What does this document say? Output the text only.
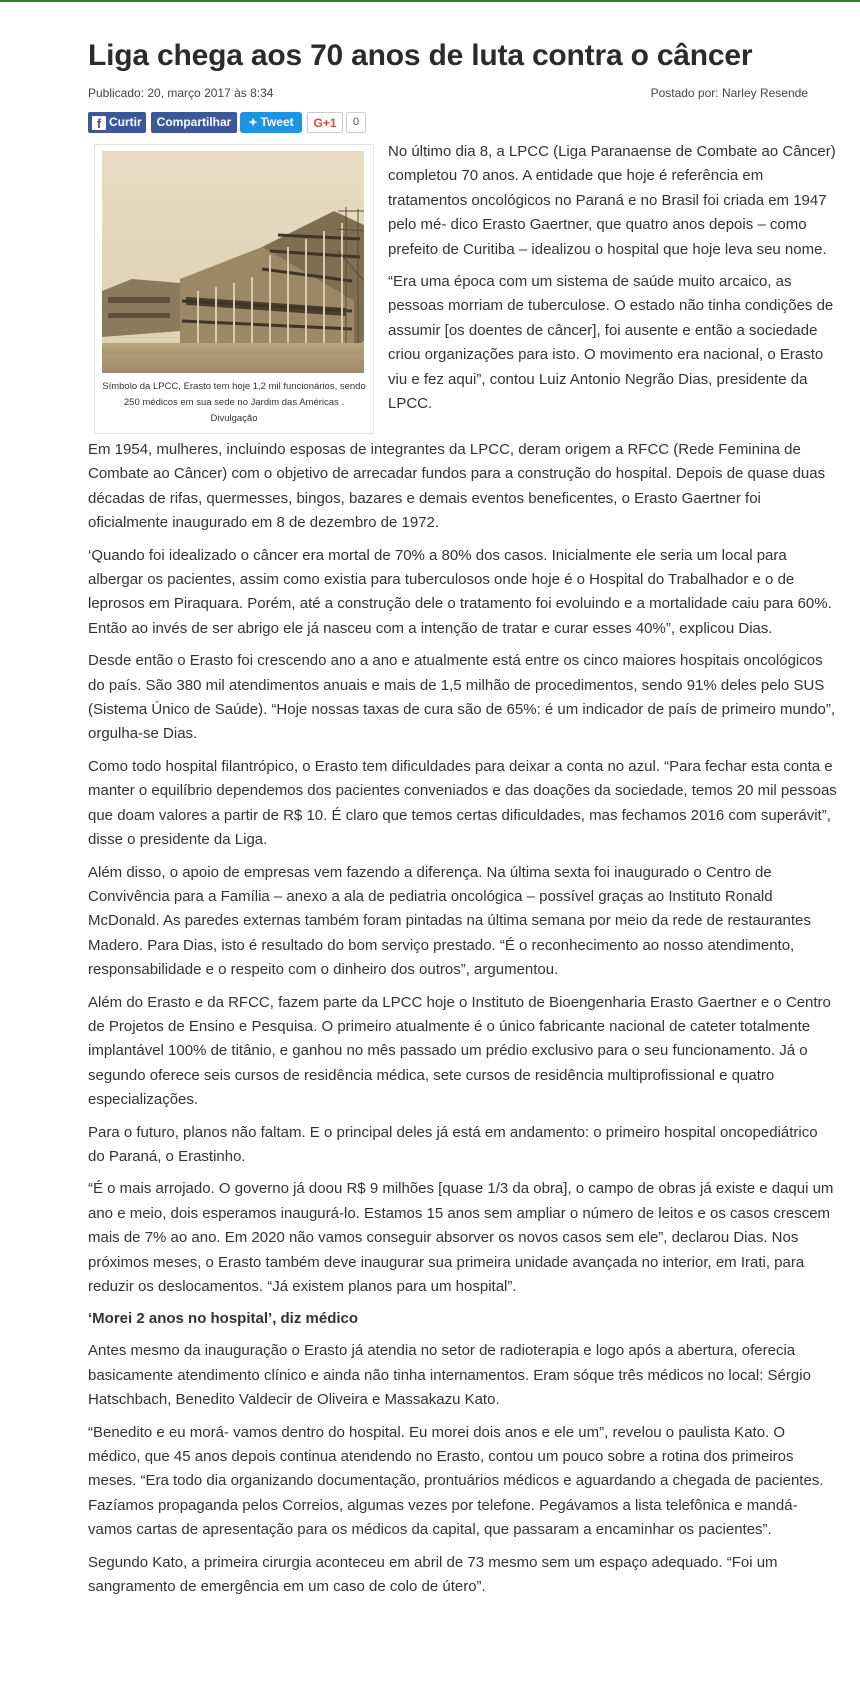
Liga chega aos 70 anos de luta contra o câncer
Publicado: 20, março 2017 às 8:34	Postado por: Narley Resende
f Curtir	Compartilhar	✦ Tweet	G+1	0
Símbolo da LPCC, Erasto tem hoje 1,2 mil funcionários, sendo 250 médicos em sua sede no Jardim das Américas . Divulgação

No último dia 8, a LPCC (Liga Paranaense de Combate ao Câncer) completou 70 anos. A entidade que hoje é referência em tratamentos oncológicos no Paraná e no Brasil foi criada em 1947 pelo mé- dico Erasto Gaertner, que quatro anos depois – como prefeito de Curitiba – idealizou o hospital que hoje leva seu nome.

“Era uma época com um sistema de saúde muito arcaico, as pessoas morriam de tuberculose. O estado não tinha condições de assumir [os doentes de câncer], foi ausente e então a sociedade criou organizações para isto. O movimento era nacional, o Erasto viu e fez aqui”, contou Luiz Antonio Negrão Dias, presidente da LPCC.

Em 1954, mulheres, incluindo esposas de integrantes da LPCC, deram origem a RFCC (Rede Feminina de Combate ao Câncer) com o objetivo de arrecadar fundos para a construção do hospital. Depois de quase duas décadas de rifas, quermesses, bingos, bazares e demais eventos beneficentes, o Erasto Gaertner foi oficialmente inaugurado em 8 de dezembro de 1972.

‘Quando foi idealizado o câncer era mortal de 70% a 80% dos casos. Inicialmente ele seria um local para albergar os pacientes, assim como existia para tuberculosos onde hoje é o Hospital do Trabalhador e o de leprosos em Piraquara. Porém, até a construção dele o tratamento foi evoluindo e a mortalidade caiu para 60%. Então ao invés de ser abrigo ele já nasceu com a intenção de tratar e curar esses 40%”, explicou Dias.

Desde então o Erasto foi crescendo ano a ano e atualmente está entre os cinco maiores hospitais oncológicos do país. São 380 mil atendimentos anuais e mais de 1,5 milhão de procedimentos, sendo 91% deles pelo SUS (Sistema Único de Saúde). “Hoje nossas taxas de cura são de 65%: é um indicador de país de primeiro mundo”, orgulha-se Dias.

Como todo hospital filantrópico, o Erasto tem dificuldades para deixar a conta no azul. “Para fechar esta conta e manter o equilíbrio dependemos dos pacientes conveniados e das doações da sociedade, temos 20 mil pessoas que doam valores a partir de R$ 10. É claro que temos certas dificuldades, mas fechamos 2016 com superávit”, disse o presidente da Liga.

Além disso, o apoio de empresas vem fazendo a diferença. Na última sexta foi inaugurado o Centro de Convivência para a Família – anexo a ala de pediatria oncológica – possível graças ao Instituto Ronald McDonald. As paredes externas também foram pintadas na última semana por meio da rede de restaurantes Madero. Para Dias, isto é resultado do bom serviço prestado. “É o reconhecimento ao nosso atendimento, responsabilidade e o respeito com o dinheiro dos outros”, argumentou.

Além do Erasto e da RFCC, fazem parte da LPCC hoje o Instituto de Bioengenharia Erasto Gaertner e o Centro de Projetos de Ensino e Pesquisa. O primeiro atualmente é o único fabricante nacional de cateter totalmente implantável 100% de titânio, e ganhou no mês passado um prédio exclusivo para o seu funcionamento. Já o segundo oferece seis cursos de residência médica, sete cursos de residência multiprofissional e quatro especializações.

Para o futuro, planos não faltam. E o principal deles já está em andamento: o primeiro hospital oncopediátrico do Paraná, o Erastinho.

“É o mais arrojado. O governo já doou R$ 9 milhões [quase 1/3 da obra], o campo de obras já existe e daqui um ano e meio, dois esperamos inaugurá-lo. Estamos 15 anos sem ampliar o número de leitos e os casos crescem mais de 7% ao ano. Em 2020 não vamos conseguir absorver os novos casos sem ele”, declarou Dias. Nos próximos meses, o Erasto também deve inaugurar sua primeira unidade avançada no interior, em Irati, para reduzir os deslocamentos. “Já existem planos para um hospital”.

‘Morei 2 anos no hospital’, diz médico

Antes mesmo da inauguração o Erasto já atendia no setor de radioterapia e logo após a abertura, oferecia basicamente atendimento clínico e ainda não tinha internamentos. Eram sóque três médicos no local: Sérgio Hatschbach, Benedito Valdecir de Oliveira e Massakazu Kato.

“Benedito e eu morá- vamos dentro do hospital. Eu morei dois anos e ele um”, revelou o paulista Kato. O médico, que 45 anos depois continua atendendo no Erasto, contou um pouco sobre a rotina dos primeiros meses. “Era todo dia organizando documentação, prontuários médicos e aguardando a chegada de pacientes. Fazíamos propaganda pelos Correios, algumas vezes por telefone. Pegávamos a lista telefônica e mandá- vamos cartas de apresentação para os médicos da capital, que passaram a encaminhar os pacientes”.

Segundo Kato, a primeira cirurgia aconteceu em abril de 73 mesmo sem um espaço adequado. “Foi um sangramento de emergência em um caso de colo de útero”.
